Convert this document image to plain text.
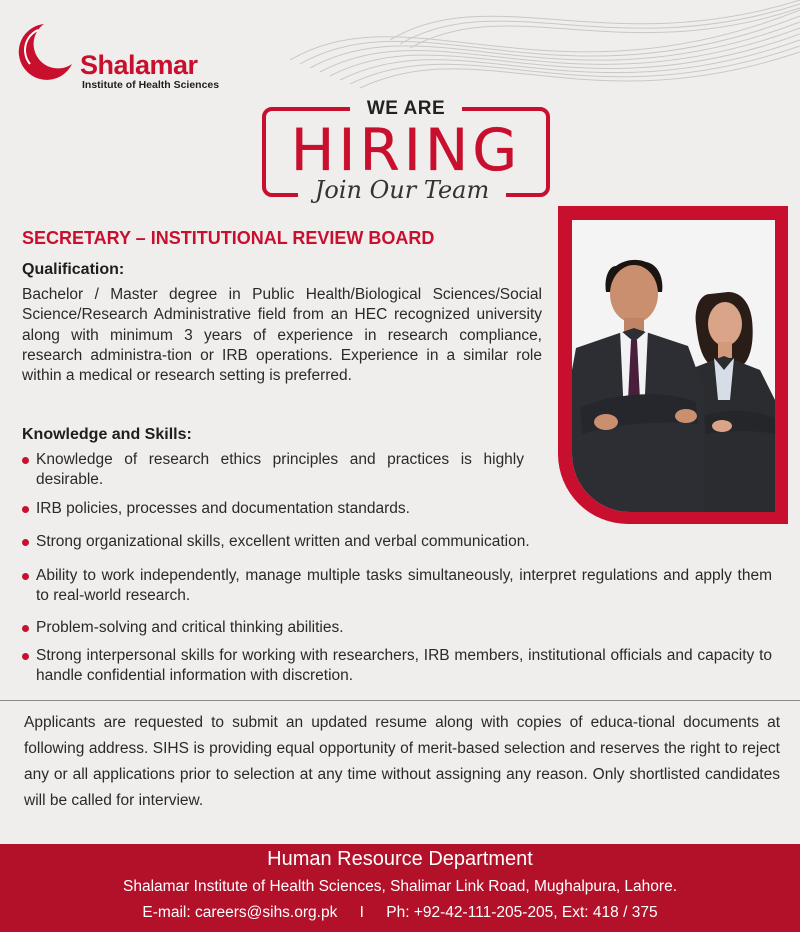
Shalamar
Institute of Health Sciences
WE ARE
HIRING
Join Our Team
SECRETARY – INSTITUTIONAL REVIEW BOARD
Qualification:

Bachelor / Master degree in Public Health/Biological Sciences/Social Science/Research Administrative field from an HEC recognized university along with minimum 3 years of experience in research compliance, research administra-tion or IRB operations. Experience in a similar role within a medical or research setting is preferred.

Knowledge and Skills:
Knowledge of research ethics principles and practices is highly desirable.
IRB policies, processes and documentation standards.
Strong organizational skills, excellent written and verbal communication.
Ability to work independently, manage multiple tasks simultaneously, interpret regulations and apply them to real-world research.
Problem-solving and critical thinking abilities.
Strong interpersonal skills for working with researchers, IRB members, institutional officials and capacity to handle confidential information with discretion.

Applicants are requested to submit an updated resume along with copies of educa-tional documents at following address. SIHS is providing equal opportunity of merit-based selection and reserves the right to reject any or all applications prior to selection at any time without assigning any reason. Only shortlisted candidates will be called for interview.

Human Resource Department
Shalamar Institute of Health Sciences, Shalimar Link Road, Mughalpura, Lahore.
E-mail: careers@sihs.org.pk I Ph: +92-42-111-205-205, Ext: 418 / 375
